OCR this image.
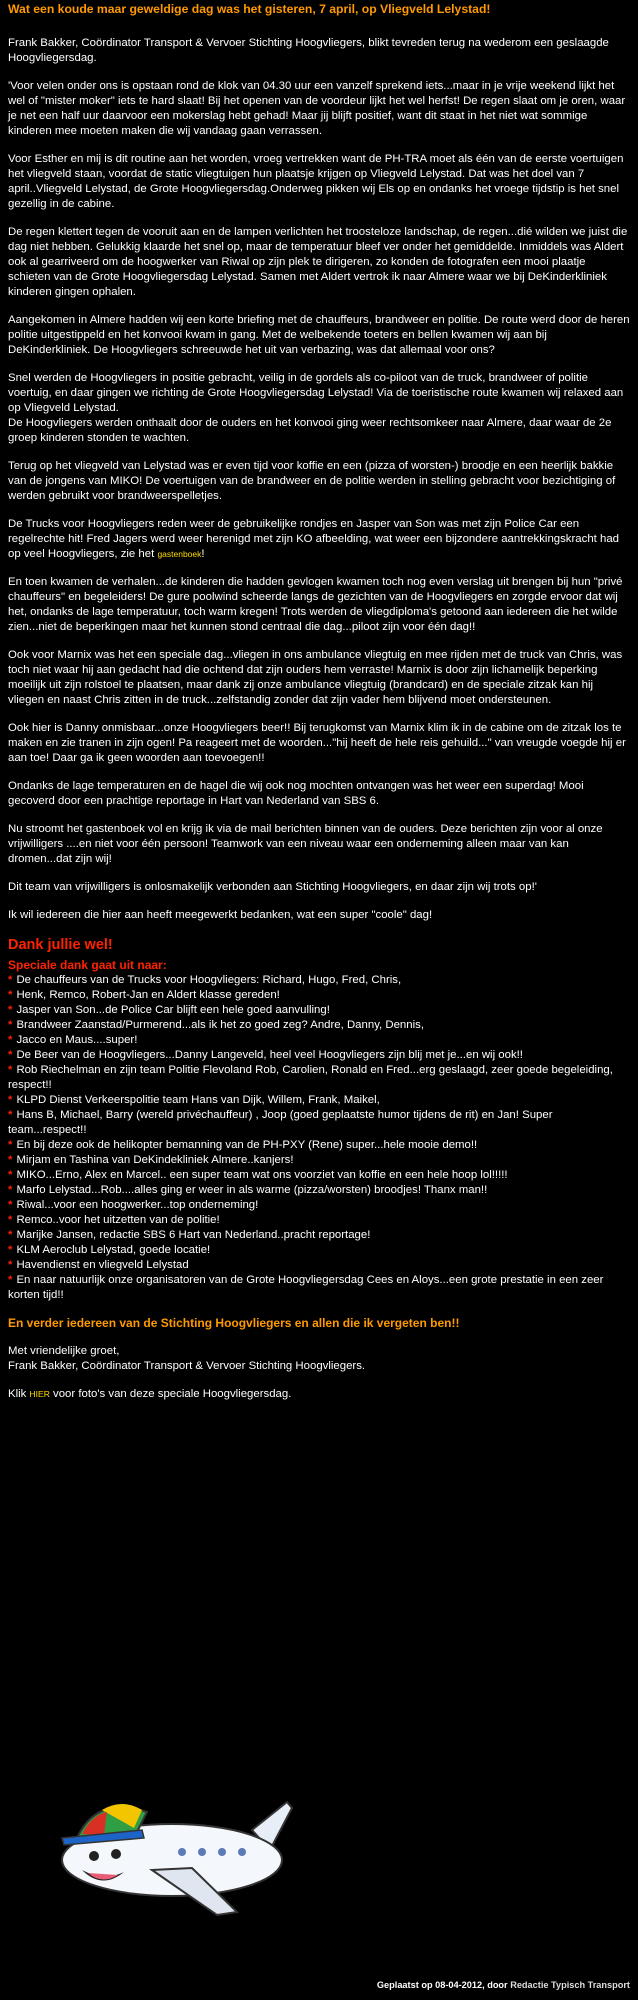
Wat een koude maar geweldige dag was het gisteren, 7 april, op Vliegveld Lelystad!

Frank Bakker, Coördinator Transport & Vervoer Stichting Hoogvliegers, blikt tevreden terug na wederom een geslaagde Hoogvliegersdag.

'Voor velen onder ons is opstaan rond de klok van 04.30 uur een vanzelf sprekend iets...maar in je vrije weekend lijkt het wel of "mister moker" iets te hard slaat! Bij het openen van de voordeur lijkt het wel herfst! De regen slaat om je oren, waar je net een half uur daarvoor een mokerslag hebt gehad! Maar jij blijft positief, want dit staat in het niet wat sommige kinderen mee moeten maken die wij vandaag gaan verrassen.

Voor Esther en mij is dit routine aan het worden, vroeg vertrekken want de PH-TRA moet als één van de eerste voertuigen het vliegveld staan, voordat de static vliegtuigen hun plaatsje krijgen op Vliegveld Lelystad. Dat was het doel van 7 april..Vliegveld Lelystad, de Grote Hoogvliegersdag.Onderweg pikken wij Els op en ondanks het vroege tijdstip is het snel gezellig in de cabine.

De regen klettert tegen de vooruit aan en de lampen verlichten het troosteloze landschap, de regen...dié wilden we juist die dag niet hebben. Gelukkig klaarde het snel op, maar de temperatuur bleef ver onder het gemiddelde. Inmiddels was Aldert ook al gearriveerd om de hoogwerker van Riwal op zijn plek te dirigeren, zo konden de fotografen een mooi plaatje schieten van de Grote Hoogvliegersdag Lelystad. Samen met Aldert vertrok ik naar Almere waar we bij DeKinderkliniek kinderen gingen ophalen.

Aangekomen in Almere hadden wij een korte briefing met de chauffeurs, brandweer en politie. De route werd door de heren politie uitgestippeld en het konvooi kwam in gang. Met de welbekende toeters en bellen kwamen wij aan bij DeKinderkliniek. De Hoogvliegers schreeuwde het uit van verbazing, was dat allemaal voor ons?

Snel werden de Hoogvliegers in positie gebracht, veilig in de gordels als co-piloot van de truck, brandweer of politie voertuig, en daar gingen we richting de Grote Hoogvliegersdag Lelystad! Via de toeristische route kwamen wij relaxed aan op Vliegveld Lelystad.
De Hoogvliegers werden onthaalt door de ouders en het konvooi ging weer rechtsomkeer naar Almere, daar waar de 2e groep kinderen stonden te wachten.

Terug op het vliegveld van Lelystad was er even tijd voor koffie en een (pizza of worsten-) broodje en een heerlijk bakkie van de jongens van MIKO! De voertuigen van de brandweer en de politie werden in stelling gebracht voor bezichtiging of werden gebruikt voor brandweerspelletjes.

De Trucks voor Hoogvliegers reden weer de gebruikelijke rondjes en Jasper van Son was met zijn Police Car een regelrechte hit! Fred Jagers werd weer herenigd met zijn KO afbeelding, wat weer een bijzondere aantrekkingskracht had op veel Hoogvliegers, zie het gastenboek!

En toen kwamen de verhalen...de kinderen die hadden gevlogen kwamen toch nog even verslag uit brengen bij hun "privé chauffeurs" en begeleiders! De gure poolwind scheerde langs de gezichten van de Hoogvliegers en zorgde ervoor dat wij het, ondanks de lage temperatuur, toch warm kregen! Trots werden de vliegdiploma's getoond aan iedereen die het wilde zien...niet de beperkingen maar het kunnen stond centraal die dag...piloot zijn voor één dag!!

Ook voor Marnix was het een speciale dag...vliegen in ons ambulance vliegtuig en mee rijden met de truck van Chris, was toch niet waar hij aan gedacht had die ochtend dat zijn ouders hem verraste! Marnix is door zijn lichamelijk beperking moeilijk uit zijn rolstoel te plaatsen, maar dank zij onze ambulance vliegtuig (brandcard) en de speciale zitzak kan hij vliegen en naast Chris zitten in de truck...zelfstandig zonder dat zijn vader hem blijvend moet ondersteunen.

Ook hier is Danny onmisbaar...onze Hoogvliegers beer!! Bij terugkomst van Marnix klim ik in de cabine om de zitzak los te maken en zie tranen in zijn ogen! Pa reageert met de woorden..."hij heeft de hele reis gehuild..." van vreugde voegde hij er aan toe! Daar ga ik geen woorden aan toevoegen!!

Ondanks de lage temperaturen en de hagel die wij ook nog mochten ontvangen was het weer een superdag! Mooi gecoverd door een prachtige reportage in Hart van Nederland van SBS 6.

Nu stroomt het gastenboek vol en krijg ik via de mail berichten binnen van de ouders. Deze berichten zijn voor al onze vrijwilligers ....en niet voor één persoon! Teamwork van een niveau waar een onderneming alleen maar van kan dromen...dat zijn wij!

Dit team van vrijwilligers is onlosmakelijk verbonden aan Stichting Hoogvliegers, en daar zijn wij trots op!'

Ik wil iedereen die hier aan heeft meegewerkt bedanken, wat een super "coole" dag!

Dank jullie wel!
Speciale dank gaat uit naar:
* De chauffeurs van de Trucks voor Hoogvliegers: Richard, Hugo, Fred, Chris,
* Henk, Remco, Robert-Jan en Aldert klasse gereden!
* Jasper van Son...de Police Car blijft een hele goed aanvulling!
* Brandweer Zaanstad/Purmerend...als ik het zo goed zeg? Andre, Danny, Dennis,
* Jacco en Maus....super!
* De Beer van de Hoogvliegers...Danny Langeveld, heel veel Hoogvliegers zijn blij met je...en wij ook!!
* Rob Riechelman en zijn team Politie Flevoland Rob, Carolien, Ronald en Fred...erg geslaagd, zeer goede begeleiding, respect!!
* KLPD Dienst Verkeerspolitie team Hans van Dijk, Willem, Frank, Maikel,
* Hans B, Michael, Barry (wereld privéchauffeur) , Joop (goed geplaatste humor tijdens de rit) en Jan! Super team...respect!!
* En bij deze ook de helikopter bemanning van de PH-PXY (Rene) super...hele mooie demo!!
* Mirjam en Tashina van DeKindekliniek Almere..kanjers!
* MIKO...Erno, Alex en Marcel.. een super team wat ons voorziet van koffie en een hele hoop lol!!!!!
* Marfo Lelystad...Rob....alles ging er weer in als warme (pizza/worsten) broodjes! Thanx man!!
* Riwal...voor een hoogwerker...top onderneming!
* Remco..voor het uitzetten van de politie!
* Marijke Jansen, redactie SBS 6 Hart van Nederland..pracht reportage!
* KLM Aeroclub Lelystad, goede locatie!
* Havendienst en vliegveld Lelystad
* En naar natuurlijk onze organisatoren van de Grote Hoogvliegersdag Cees en Aloys...een grote prestatie in een zeer korten tijd!!
En verder iedereen van de Stichting Hoogvliegers en allen die ik vergeten ben!!

Met vriendelijke groet,
Frank Bakker, Coördinator Transport & Vervoer Stichting Hoogvliegers.

Klik HIER voor foto's van deze speciale Hoogvliegersdag.

Geplaatst op 08-04-2012, door Redactie Typisch Transport
